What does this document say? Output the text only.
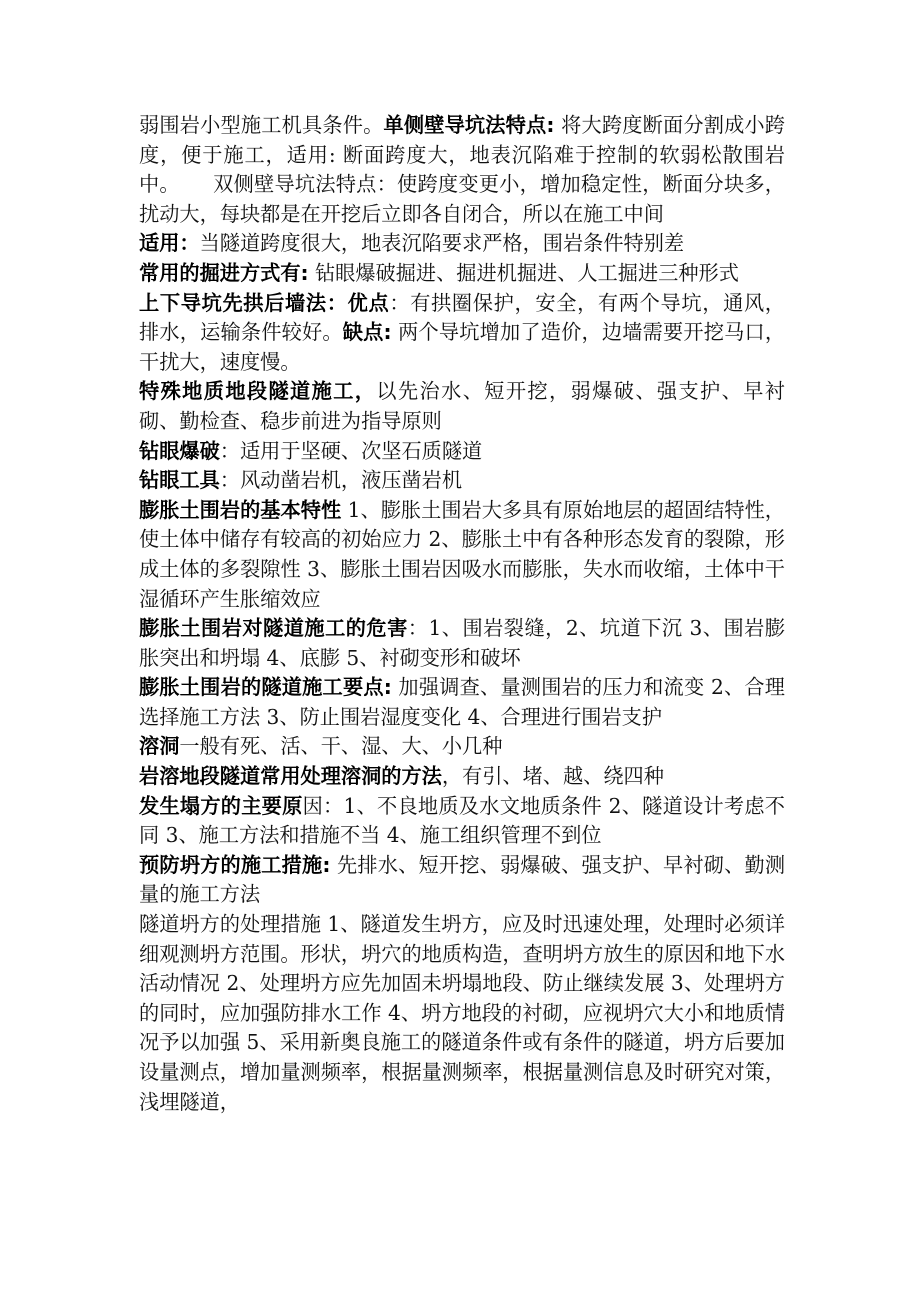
弱围岩小型施工机具条件。单侧壁导坑法特点: 将大跨度断面分割成小跨度，便于施工，适用: 断面跨度大，地表沉陷难于控制的软弱松散围岩中。     双侧壁导坑法特点：使跨度变更小，增加稳定性，断面分块多，扰动大，每块都是在开挖后立即各自闭合，所以在施工中间

适用：当隧道跨度很大，地表沉陷要求严格，围岩条件特别差

常用的掘进方式有: 钻眼爆破掘进、掘进机掘进、人工掘进三种形式

上下导坑先拱后墙法：优点：有拱圈保护，安全，有两个导坑，通风，排水，运输条件较好。缺点: 两个导坑增加了造价，边墙需要开挖马口，干扰大，速度慢。

特殊地质地段隧道施工，以先治水、短开挖，弱爆破、强支护、早衬砌、勤检查、稳步前进为指导原则

钻眼爆破：适用于坚硬、次坚石质隧道

钻眼工具：风动凿岩机，液压凿岩机

膨胀土围岩的基本特性 1、膨胀土围岩大多具有原始地层的超固结特性，使土体中储存有较高的初始应力 2、膨胀土中有各种形态发育的裂隙，形成土体的多裂隙性 3、膨胀土围岩因吸水而膨胀，失水而收缩，土体中干湿循环产生胀缩效应

膨胀土围岩对隧道施工的危害：1、围岩裂缝，2、坑道下沉 3、围岩膨胀突出和坍塌 4、底膨 5、衬砌变形和破坏

膨胀土围岩的隧道施工要点: 加强调查、量测围岩的压力和流变 2、合理选择施工方法 3、防止围岩湿度变化 4、合理进行围岩支护

溶洞一般有死、活、干、湿、大、小几种

岩溶地段隧道常用处理溶洞的方法，有引、堵、越、绕四种

发生塌方的主要原因：1、不良地质及水文地质条件 2、隧道设计考虑不同 3、施工方法和措施不当 4、施工组织管理不到位

预防坍方的施工措施: 先排水、短开挖、弱爆破、强支护、早衬砌、勤测量的施工方法

隧道坍方的处理措施 1、隧道发生坍方，应及时迅速处理，处理时必须详细观测坍方范围。形状，坍穴的地质构造，查明坍方放生的原因和地下水活动情况 2、处理坍方应先加固未坍塌地段、防止继续发展 3、处理坍方的同时，应加强防排水工作 4、坍方地段的衬砌，应视坍穴大小和地质情况予以加强 5、采用新奥良施工的隧道条件或有条件的隧道，坍方后要加设量测点，增加量测频率，根据量测频率，根据量测信息及时研究对策，浅埋隧道，
